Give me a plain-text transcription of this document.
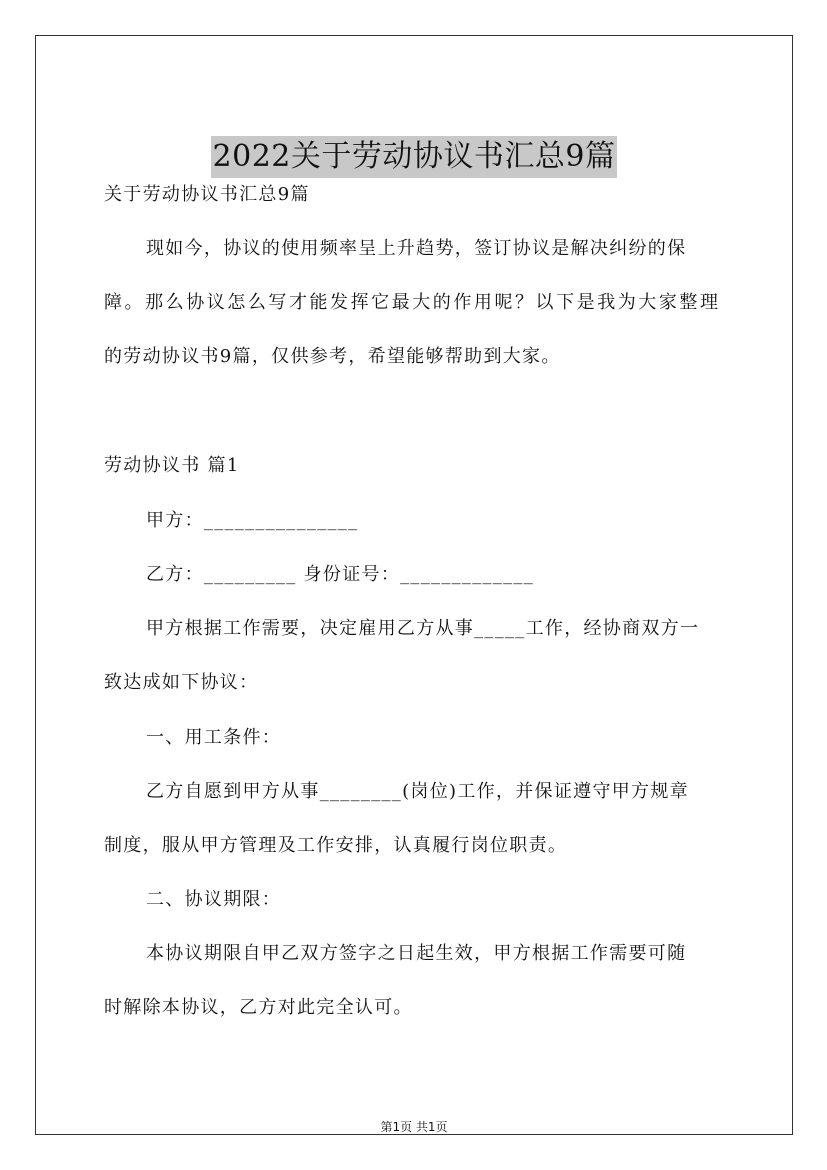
2022关于劳动协议书汇总9篇
关于劳动协议书汇总9篇
现如今，协议的使用频率呈上升趋势，签订协议是解决纠纷的保
障。那么协议怎么写才能发挥它最大的作用呢？以下是我为大家整理
的劳动协议书9篇，仅供参考，希望能够帮助到大家。
劳动协议书 篇1
甲方：_______________
乙方：_________ 身份证号：_____________
甲方根据工作需要，决定雇用乙方从事_____工作，经协商双方一
致达成如下协议：
一、用工条件：
乙方自愿到甲方从事________(岗位)工作，并保证遵守甲方规章
制度，服从甲方管理及工作安排，认真履行岗位职责。
二、协议期限：
本协议期限自甲乙双方签字之日起生效，甲方根据工作需要可随
时解除本协议，乙方对此完全认可。
第1页 共1页
